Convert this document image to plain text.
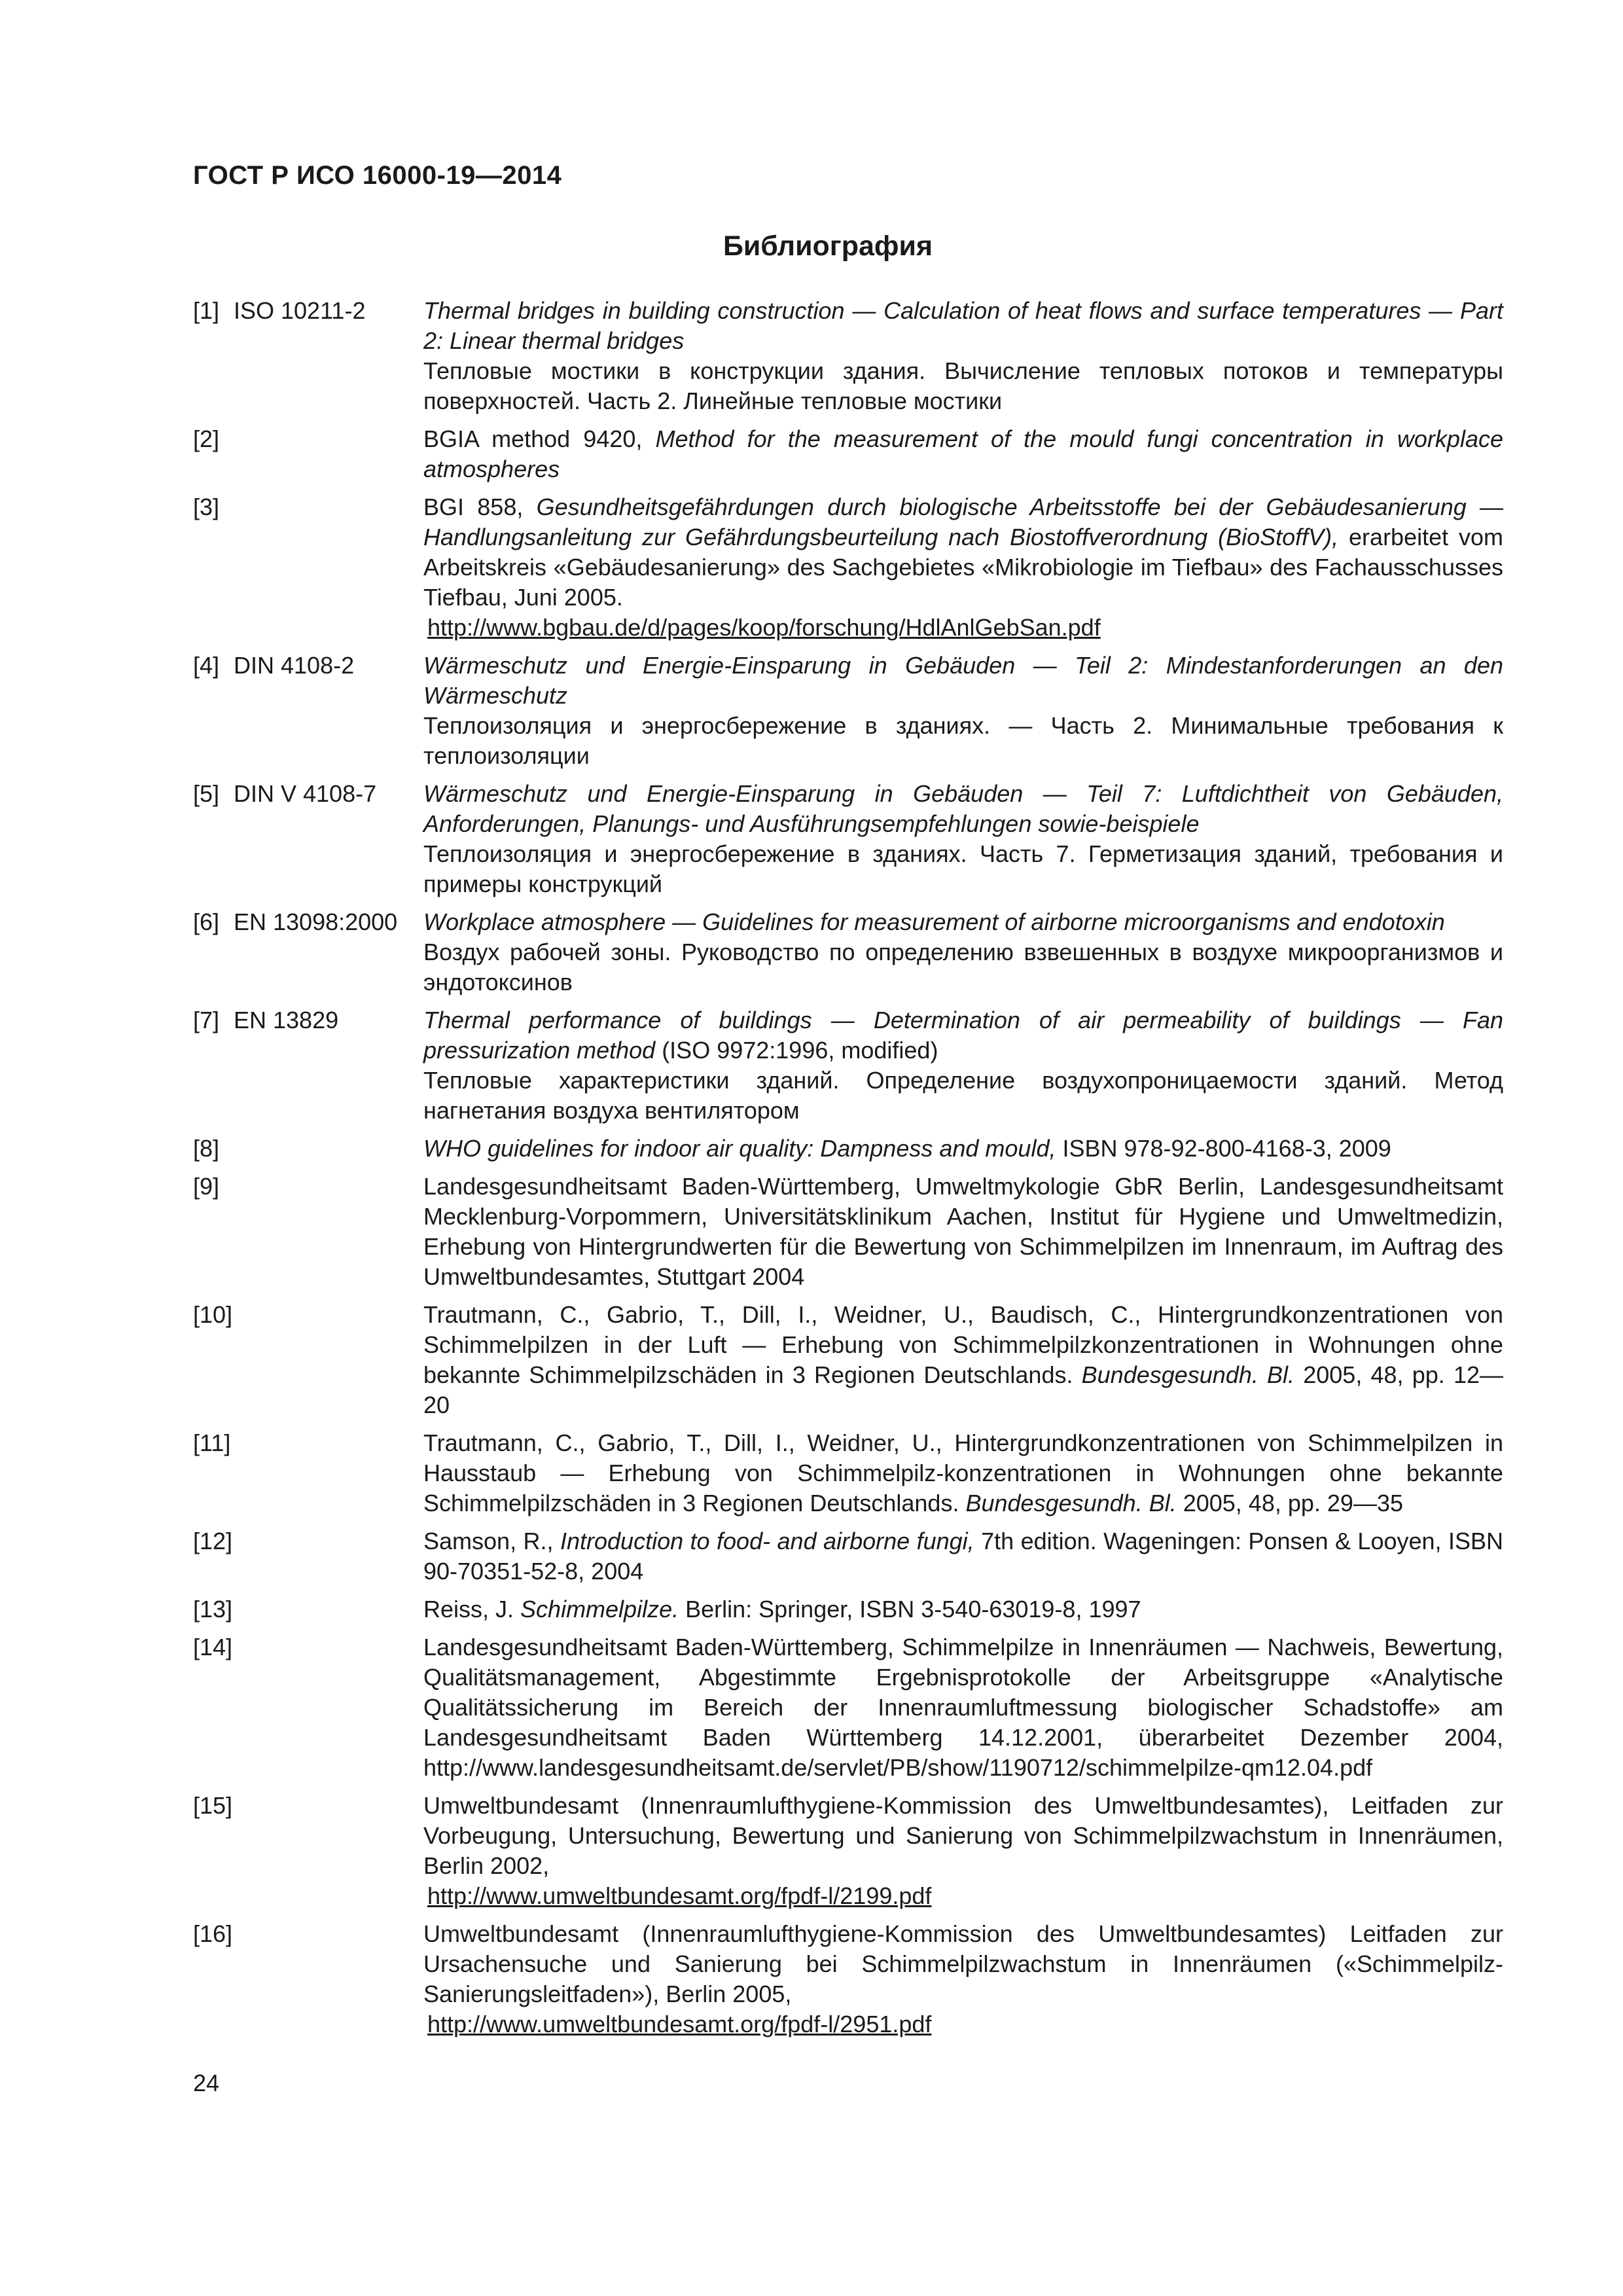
ГОСТ Р ИСО 16000-19—2014
Библиография
[1] ISO 10211-2	Thermal bridges in building construction — Calculation of heat flows and surface temperatures — Part 2: Linear thermal bridges

Тепловые мостики в конструкции здания. Вычисление тепловых потоков и температуры поверхностей. Часть 2. Линейные тепловые мостики
[2]	BGIA method 9420, Method for the measurement of the mould fungi concentration in workplace atmospheres

[3]	BGI 858, Gesundheitsgefährdungen durch biologische Arbeitsstoffe bei der Gebäudesanierung — Handlungsanleitung zur Gefährdungsbeurteilung nach Biostoffverordnung (BioStoffV), erarbeitet vom Arbeitskreis «Gebäudesanierung» des Sachgebietes «Mikrobiologie im Tiefbau» des Fachausschusses Tiefbau, Juni 2005.

http://www.bgbau.de/d/pages/koop/forschung/HdlAnlGebSan.pdf
[4] DIN 4108-2	Wärmeschutz und Energie-Einsparung in Gebäuden — Teil 2: Mindestanforderungen an den Wärmeschutz

Теплоизоляция и энергосбережение в зданиях. — Часть 2. Минимальные требования к теплоизоляции
[5] DIN V 4108-7	Wärmeschutz und Energie-Einsparung in Gebäuden — Teil 7: Luftdichtheit von Gebäuden, Anforderungen, Planungs- und Ausführungsempfehlungen sowie-beispiele

Теплоизоляция и энергосбережение в зданиях. Часть 7. Герметизация зданий, требования и примеры конструкций
[6] EN 13098:2000	Workplace atmosphere — Guidelines for measurement of airborne microorganisms and endotoxin

Воздух рабочей зоны. Руководство по определению взвешенных в воздухе микроорганизмов и эндотоксинов
[7] EN 13829	Thermal performance of buildings — Determination of air permeability of buildings — Fan pressurization method (ISO 9972:1996, modified)

Тепловые характеристики зданий. Определение воздухопроницаемости зданий. Метод нагнетания воздуха вентилятором
[8]	WHO guidelines for indoor air quality: Dampness and mould, ISBN 978-92-800-4168-3, 2009

[9]	Landesgesundheitsamt Baden-Württemberg, Umweltmykologie GbR Berlin, Landesgesundheitsamt Mecklenburg-Vorpommern, Universitätsklinikum Aachen, Institut für Hygiene und Umweltmedizin, Erhebung von Hintergrundwerten für die Bewertung von Schimmelpilzen im Innenraum, im Auftrag des Umweltbundesamtes, Stuttgart 2004

[10]	Trautmann, C., Gabrio, T., Dill, I., Weidner, U., Baudisch, C., Hintergrundkonzentrationen von Schimmelpilzen in der Luft — Erhebung von Schimmelpilzkonzentrationen in Wohnungen ohne bekannte Schimmelpilzschäden in 3 Regionen Deutschlands. Bundesgesundh. Bl. 2005, 48, pp. 12—20

[11]	Trautmann, C., Gabrio, T., Dill, I., Weidner, U., Hintergrundkonzentrationen von Schimmelpilzen in Hausstaub — Erhebung von Schimmelpilz-konzentrationen in Wohnungen ohne bekannte Schimmelpilzschäden in 3 Regionen Deutschlands. Bundesgesundh. Bl. 2005, 48, pp. 29—35

[12]	Samson, R., Introduction to food- and airborne fungi, 7th edition. Wageningen: Ponsen & Looyen, ISBN 90-70351-52-8, 2004

[13]	Reiss, J. Schimmelpilze. Berlin: Springer, ISBN 3-540-63019-8, 1997

[14]	Landesgesundheitsamt Baden-Württemberg, Schimmelpilze in Innenräumen — Nachweis, Bewertung, Qualitätsmanagement, Abgestimmte Ergebnisprotokolle der Arbeitsgruppe «Analytische Qualitätssicherung im Bereich der Innenraumluftmessung biologischer Schadstoffe» am Landesgesundheitsamt Baden Württemberg 14.12.2001, überarbeitet Dezember 2004, http://www.landesgesundheitsamt.de/servlet/PB/show/1190712/schimmelpilze-qm12.04.pdf

[15]	Umweltbundesamt (Innenraumlufthygiene-Kommission des Umweltbundesamtes), Leitfaden zur Vorbeugung, Untersuchung, Bewertung und Sanierung von Schimmelpilzwachstum in Innenräumen, Berlin 2002,

http://www.umweltbundesamt.org/fpdf-l/2199.pdf
[16]	Umweltbundesamt (Innenraumlufthygiene-Kommission des Umweltbundesamtes) Leitfaden zur Ursachensuche und Sanierung bei Schimmelpilzwachstum in Innenräumen («Schimmelpilz-Sanierungsleitfaden»), Berlin 2005,

http://www.umweltbundesamt.org/fpdf-l/2951.pdf
24
